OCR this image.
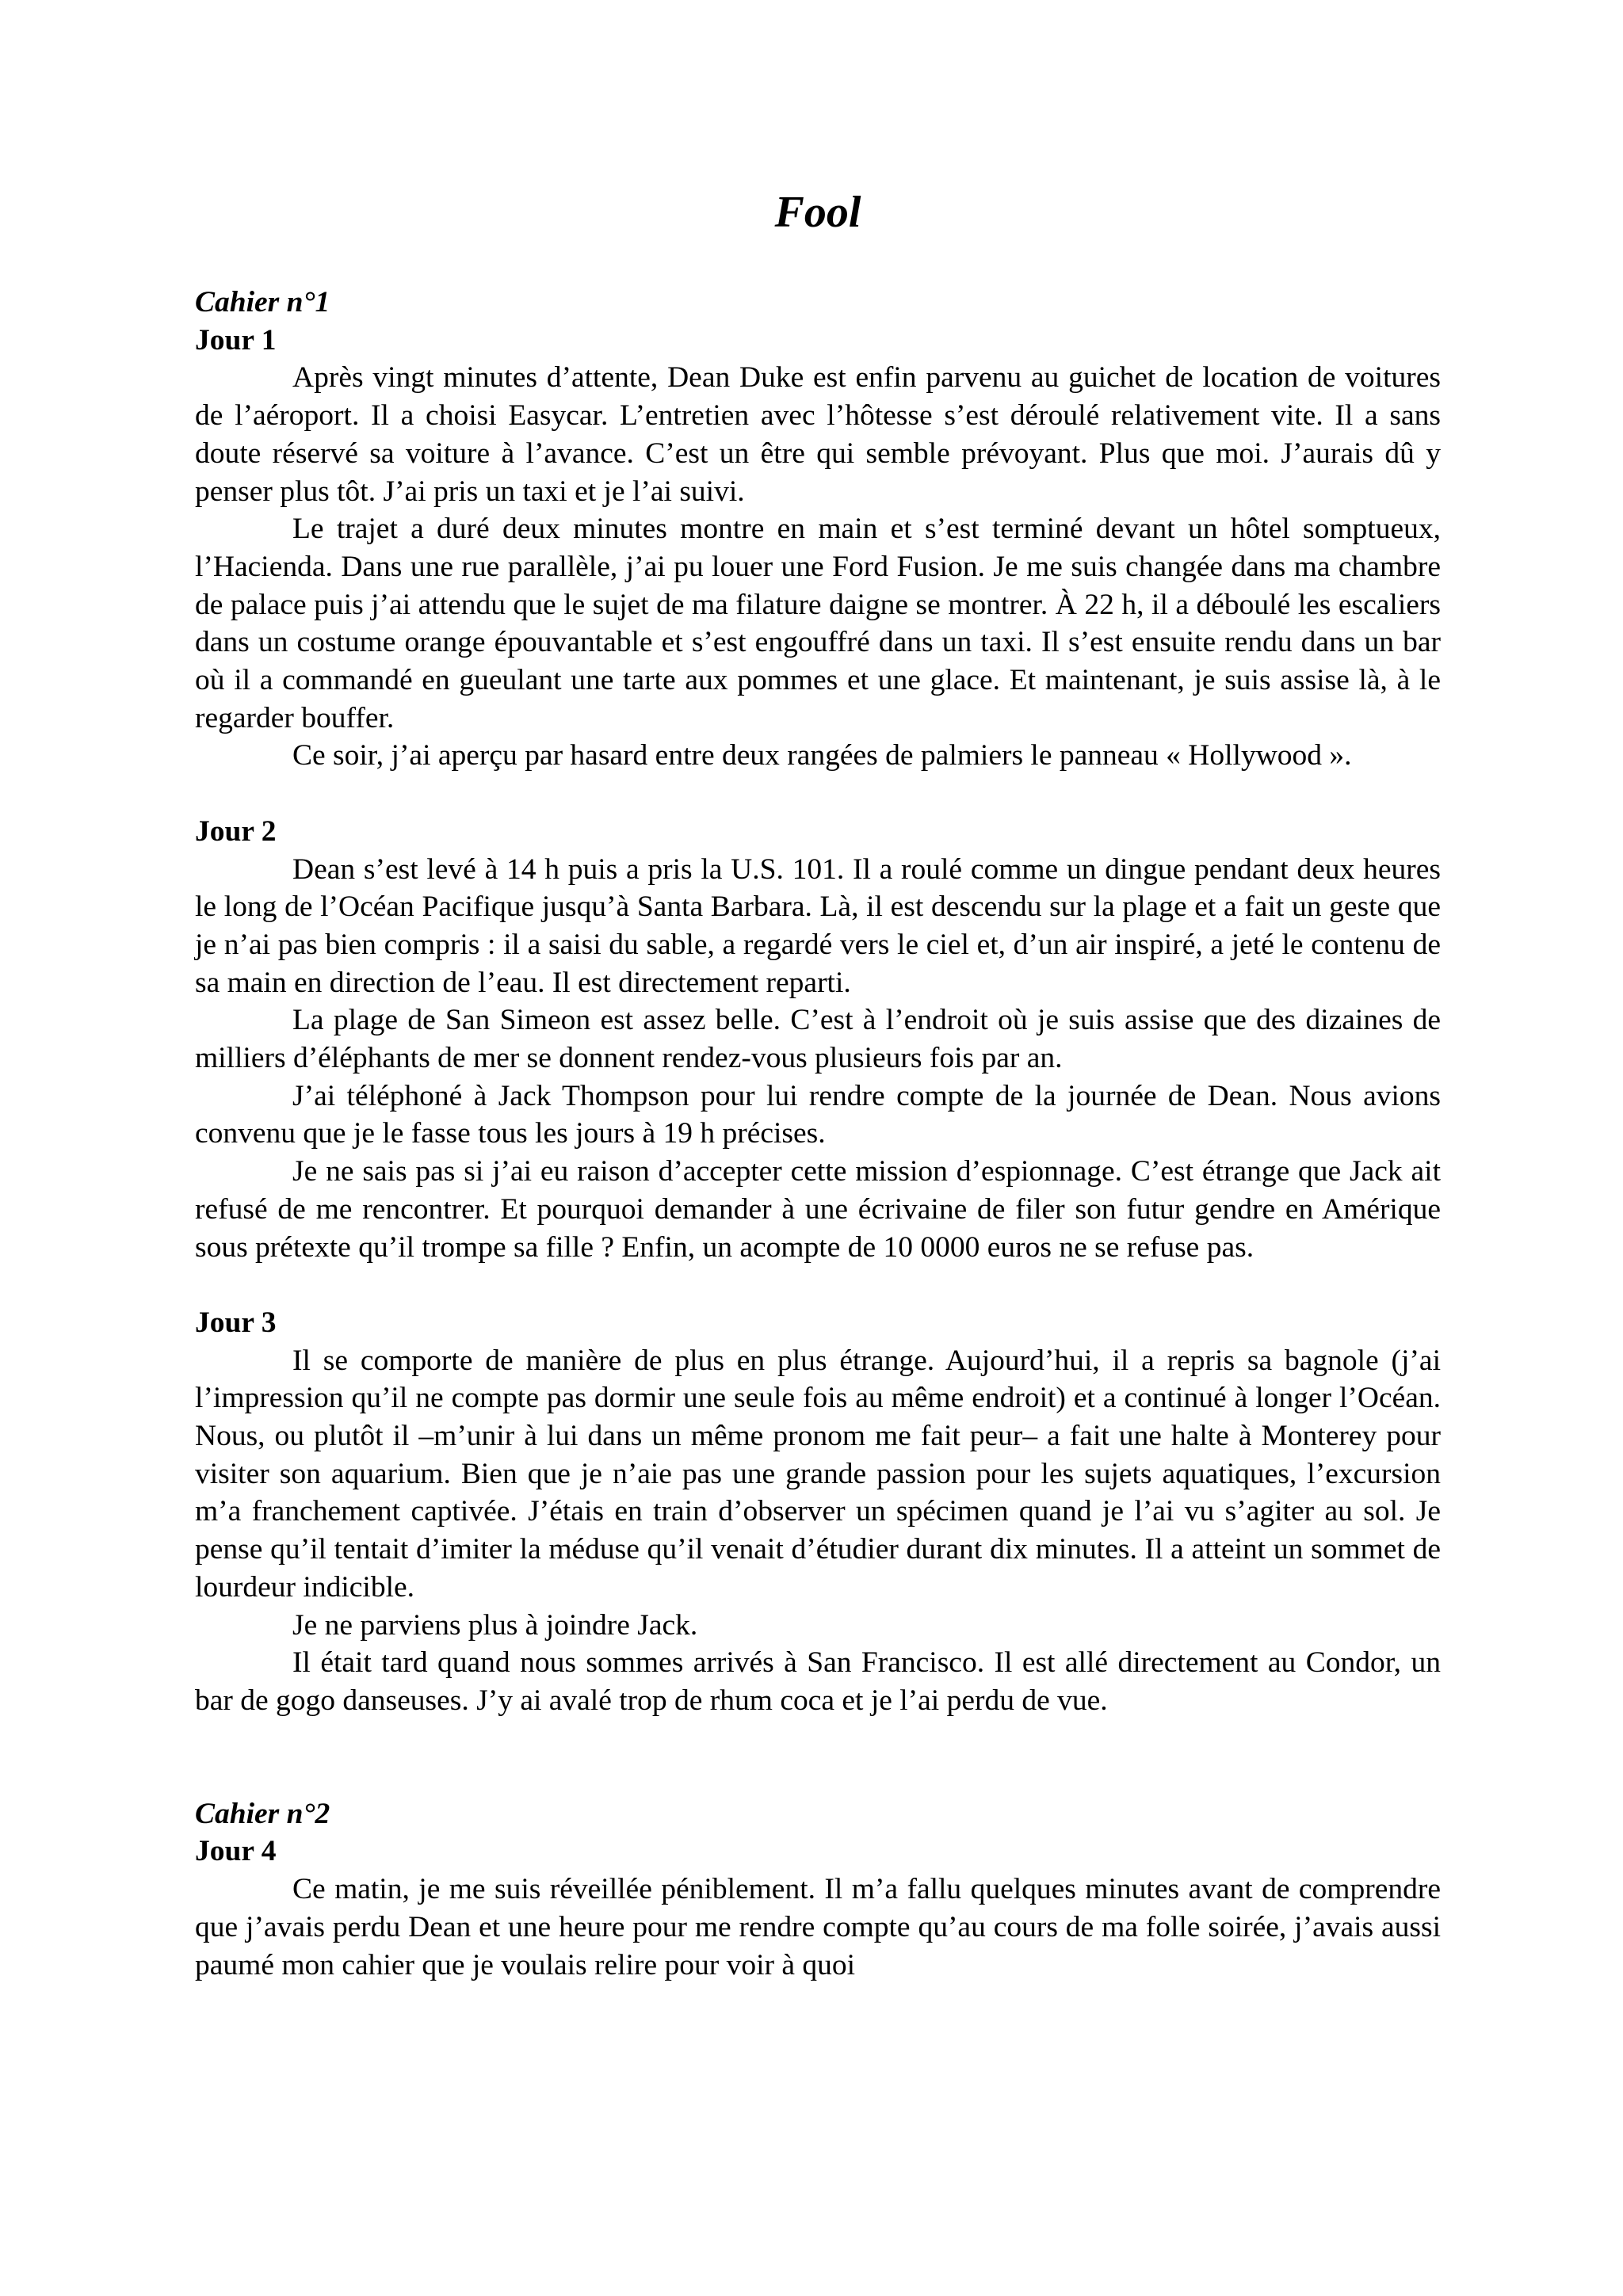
Fool
Cahier n°1
Jour 1

Après vingt minutes d’attente, Dean Duke est enfin parvenu au guichet de location de voitures de l’aéroport. Il a choisi Easycar. L’entretien avec l’hôtesse s’est déroulé relativement vite. Il a sans doute réservé sa voiture à l’avance. C’est un être qui semble prévoyant. Plus que moi. J’aurais dû y penser plus tôt. J’ai pris un taxi et je l’ai suivi.

Le trajet a duré deux minutes montre en main et s’est terminé devant un hôtel somptueux, l’Hacienda. Dans une rue parallèle, j’ai pu louer une Ford Fusion. Je me suis changée dans ma chambre de palace puis j’ai attendu que le sujet de ma filature daigne se montrer. À 22 h, il a déboulé les escaliers dans un costume orange épouvantable et s’est engouffré dans un taxi. Il s’est ensuite rendu dans un bar où il a commandé en gueulant une tarte aux pommes et une glace. Et maintenant, je suis assise là, à le regarder bouffer.

Ce soir, j’ai aperçu par hasard entre deux rangées de palmiers le panneau « Hollywood ».

Jour 2

Dean s’est levé à 14 h puis a pris la U.S. 101. Il a roulé comme un dingue pendant deux heures le long de l’Océan Pacifique jusqu’à Santa Barbara. Là, il est descendu sur la plage et a fait un geste que je n’ai pas bien compris : il a saisi du sable, a regardé vers le ciel et, d’un air inspiré, a jeté le contenu de sa main en direction de l’eau. Il est directement reparti.

La plage de San Simeon est assez belle. C’est à l’endroit où je suis assise que des dizaines de milliers d’éléphants de mer se donnent rendez-vous plusieurs fois par an.

J’ai téléphoné à Jack Thompson pour lui rendre compte de la journée de Dean. Nous avions convenu que je le fasse tous les jours à 19 h précises.

Je ne sais pas si j’ai eu raison d’accepter cette mission d’espionnage. C’est étrange que Jack ait refusé de me rencontrer. Et pourquoi demander à une écrivaine de filer son futur gendre en Amérique sous prétexte qu’il trompe sa fille ? Enfin, un acompte de 10 0000 euros ne se refuse pas.

Jour 3

Il se comporte de manière de plus en plus étrange. Aujourd’hui, il a repris sa bagnole (j’ai l’impression qu’il ne compte pas dormir une seule fois au même endroit) et a continué à longer l’Océan. Nous, ou plutôt il –m’unir à lui dans un même pronom me fait peur– a fait une halte à Monterey pour visiter son aquarium. Bien que je n’aie pas une grande passion pour les sujets aquatiques, l’excursion m’a franchement captivée. J’étais en train d’observer un spécimen quand je l’ai vu s’agiter au sol. Je pense qu’il tentait d’imiter la méduse qu’il venait d’étudier durant dix minutes. Il a atteint un sommet de lourdeur indicible.

Je ne parviens plus à joindre Jack.

Il était tard quand nous sommes arrivés à San Francisco. Il est allé directement au Condor, un bar de gogo danseuses. J’y ai avalé trop de rhum coca et je l’ai perdu de vue.

Cahier n°2
Jour 4

Ce matin, je me suis réveillée péniblement. Il m’a fallu quelques minutes avant de comprendre que j’avais perdu Dean et une heure pour me rendre compte qu’au cours de ma folle soirée, j’avais aussi paumé mon cahier que je voulais relire pour voir à quoi
